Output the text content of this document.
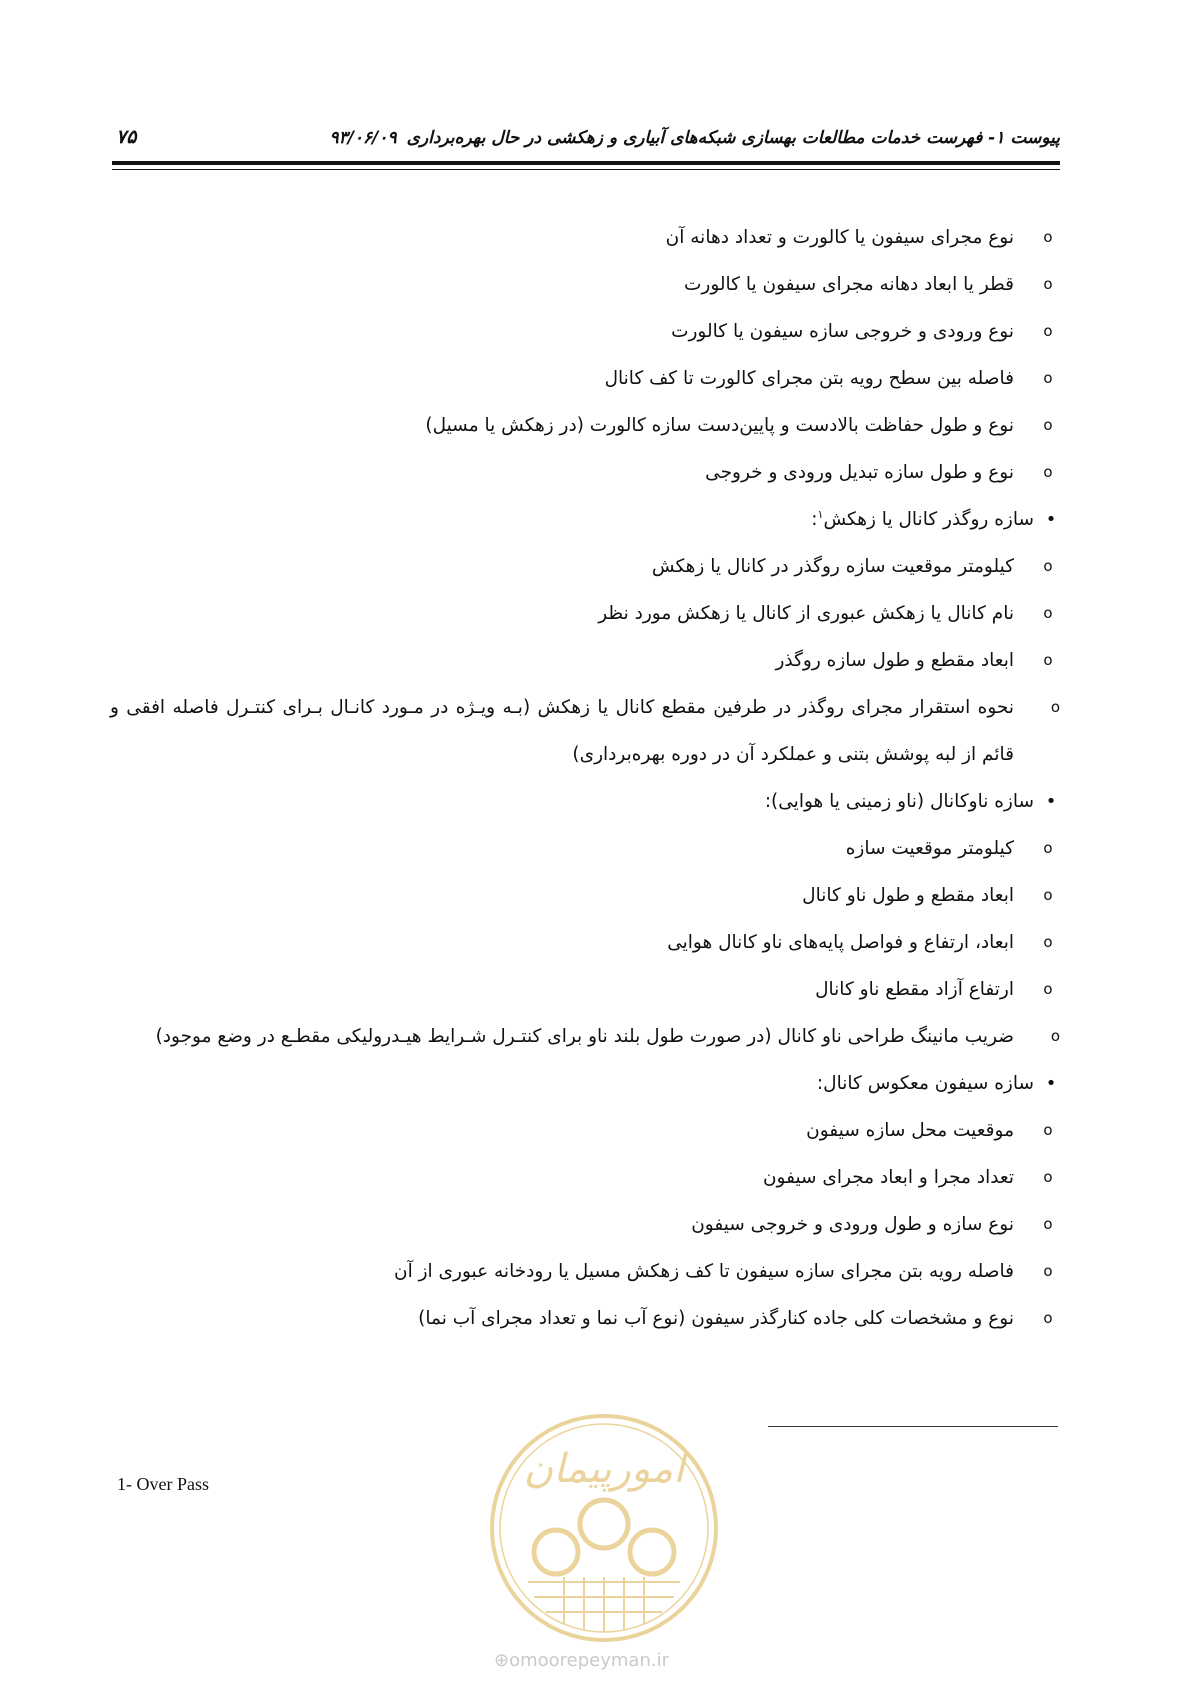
پیوست ۱- فهرست خدمات مطالعات بهسازی شبکه‌های آبیاری و زهکشی در حال بهره‌برداری۹۳/۰۶/۰۹
۷۵
o
نوع مجرای سیفون یا کالورت و تعداد دهانه آن
o
قطر یا ابعاد دهانه مجرای سیفون یا کالورت
o
نوع ورودی و خروجی سازه سیفون یا کالورت
o
فاصله بین سطح رویه بتن مجرای کالورت تا کف کانال
o
نوع و طول حفاظت بالادست و پایین‌دست سازه کالورت (در زهکش یا مسیل)
o
نوع و طول سازه تبدیل ورودی و خروجی
•
سازه روگذر کانال یا زهکش$^۱$:
o
کیلومتر موقعیت سازه روگذر در کانال یا زهکش
o
نام کانال یا زهکش عبوری از کانال یا زهکش مورد نظر
o
ابعاد مقطع و طول سازه روگذر
o
نحوه استقرار مجرای روگذر در طرفین مقطع کانال یا زهکش (بـه ویـژه در مـورد کانـال بـرای کنتـرل فاصله افقی و قائم از لبه پوشش بتنی و عملکرد آن در دوره بهره‌برداری)
•
سازه ناوکانال (ناو زمینی یا هوایی):
o
کیلومتر موقعیت سازه
o
ابعاد مقطع و طول ناو کانال
o
ابعاد، ارتفاع و فواصل پایه‌های ناو کانال هوایی
o
ارتفاع آزاد مقطع ناو کانال
o
ضریب مانینگ طراحی ناو کانال (در صورت طول بلند ناو برای کنتـرل شـرایط هیـدرولیکی مقطـع در وضع موجود)
•
سازه سیفون معکوس کانال:
o
موقعیت محل سازه سیفون
o
تعداد مجرا و ابعاد مجرای سیفون
o
نوع سازه و طول ورودی و خروجی سیفون
o
فاصله رویه بتن مجرای سازه سیفون تا کف زهکش مسیل یا رودخانه عبوری از آن
o
نوع و مشخصات کلی جاده کنارگذر سیفون (نوع آب نما و تعداد مجرای آب نما)
1- Over Pass	امورپیمان
⊕omoorepeyman.ir
